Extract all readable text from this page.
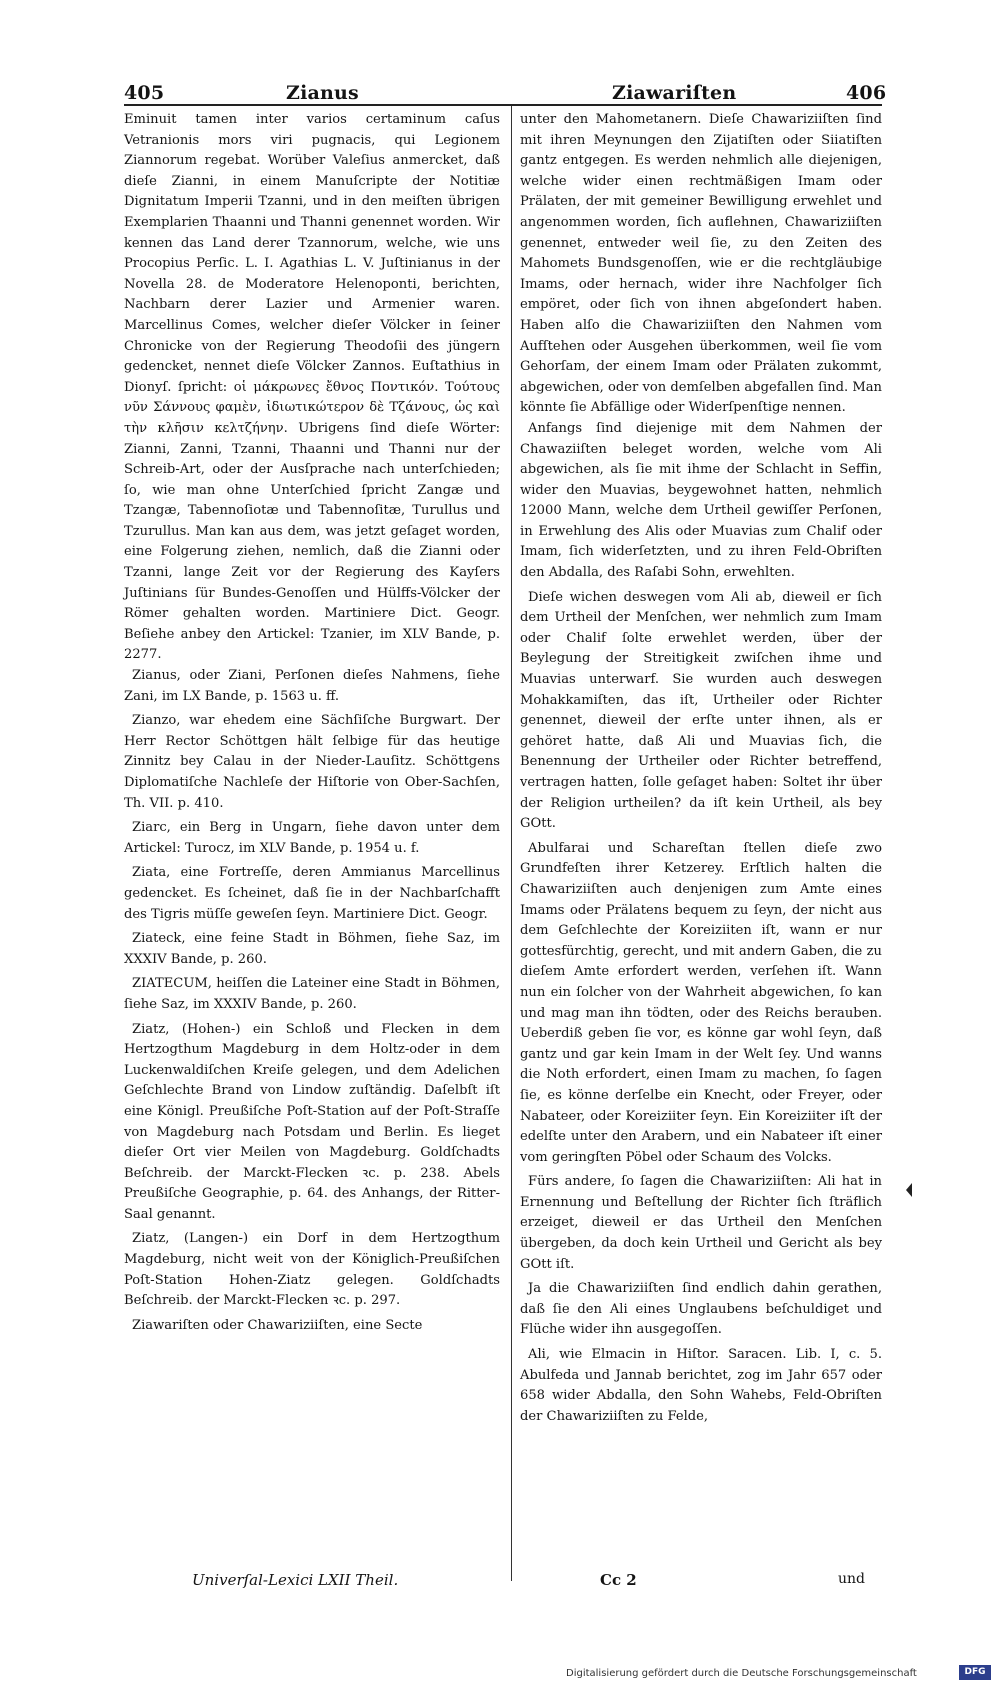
405	Zianus	Ziawariſten	406

Eminuit tamen inter varios certaminum caſus Vetranionis mors viri pugnacis, qui Legionem Ziannorum regebat. Worüber Valeſius anmercket, daß dieſe Zianni, in einem Manuſcripte der Notitiæ Dignitatum Imperii Tzanni, und in den meiſten übrigen Exemplarien Thaanni und Thanni genennet worden. Wir kennen das Land derer Tzannorum, welche, wie uns Procopius Perſic. L. I. Agathias L. V. Juſtinianus in der Novella 28. de Moderatore Helenoponti, berichten, Nachbarn derer Lazier und Armenier waren. Marcellinus Comes, welcher dieſer Völcker in ſeiner Chronicke von der Regierung Theodoſii des jüngern gedencket, nennet dieſe Völcker Zannos. Euſtathius in Dionyſ. ſpricht: οἱ μάκρωνες ἔθνος Ποντικόν. Τούτους νῦν Σάννους φαμὲν, ἰδιωτικώτερον δὲ Τζάνους, ὡς καὶ τὴν κλῆσιν κελτζήνην. Ubrigens ſind dieſe Wörter: Zianni, Zanni, Tzanni, Thaanni und Thanni nur der Schreib-Art, oder der Ausſprache nach unterſchieden; ſo, wie man ohne Unterſchied ſpricht Zangæ und Tzangæ, Tabennoſiotæ und Tabennoſitæ, Turullus und Tzurullus. Man kan aus dem, was jetzt geſaget worden, eine Folgerung ziehen, nemlich, daß die Zianni oder Tzanni, lange Zeit vor der Regierung des Kayſers Juſtinians ſür Bundes-Genoſſen und Hülffs-Völcker der Römer gehalten worden. Martiniere Dict. Geogr. Beſiehe anbey den Artickel: Tzanier, im XLV Bande, p. 2277.

Zianus, oder Ziani, Perſonen dieſes Nahmens, ſiehe Zani, im LX Bande, p. 1563 u. ff.

Zianzo, war ehedem eine Sächſiſche Burgwart. Der Herr Rector Schöttgen hält ſelbige für das heutige Zinnitz bey Calau in der Nieder-Lauſitz. Schöttgens Diplomatiſche Nachleſe der Hiſtorie von Ober-Sachſen, Th. VII. p. 410.

Ziarc, ein Berg in Ungarn, ſiehe davon unter dem Artickel: Turocz, im XLV Bande, p. 1954 u. f.

Ziata, eine Fortreſſe, deren Ammianus Marcellinus gedencket. Es ſcheinet, daß ſie in der Nachbarſchafft des Tigris müſſe geweſen ſeyn. Martiniere Dict. Geogr.

Ziateck, eine feine Stadt in Böhmen, ſiehe Saz, im XXXIV Bande, p. 260.

ZIATECUM, heiſſen die Lateiner eine Stadt in Böhmen, ſiehe Saz, im XXXIV Bande, p. 260.

Ziatz, (Hohen-) ein Schloß und Flecken in dem Hertzogthum Magdeburg in dem Holtz-oder in dem Luckenwaldiſchen Kreiſe gelegen, und dem Adelichen Geſchlechte Brand von Lindow zuſtändig. Daſelbſt iſt eine Königl. Preußiſche Poſt-Station auf der Poſt-Straſſe von Magdeburg nach Potsdam und Berlin. Es lieget dieſer Ort vier Meilen von Magdeburg. Goldſchadts Beſchreib. der Marckt-Flecken ꝛc. p. 238. Abels Preußiſche Geographie, p. 64. des Anhangs, der Ritter-Saal genannt.

Ziatz, (Langen-) ein Dorf in dem Hertzogthum Magdeburg, nicht weit von der Königlich-Preußiſchen Poſt-Station Hohen-Ziatz gelegen. Goldſchadts Beſchreib. der Marckt-Flecken ꝛc. p. 297.

Ziawariſten oder Chawariziiſten, eine Secte

unter den Mahometanern. Dieſe Chawariziiſten ſind mit ihren Meynungen den Zijatiſten oder Siiatiſten gantz entgegen. Es werden nehmlich alle diejenigen, welche wider einen rechtmäßigen Imam oder Prälaten, der mit gemeiner Bewilligung erwehlet und angenommen worden, ſich auflehnen, Chawariziiſten genennet, entweder weil ſie, zu den Zeiten des Mahomets Bundsgenoſſen, wie er die rechtgläubige Imams, oder hernach, wider ihre Nachfolger ſich empöret, oder ſich von ihnen abgeſondert haben. Haben alſo die Chawariziiſten den Nahmen vom Aufſtehen oder Ausgehen überkommen, weil ſie vom Gehorſam, der einem Imam oder Prälaten zukommt, abgewichen, oder von demſelben abgefallen ſind. Man könnte ſie Abfällige oder Widerſpenſtige nennen.

Anfangs ſind diejenige mit dem Nahmen der Chawaziiſten beleget worden, welche vom Ali abgewichen, als ſie mit ihme der Schlacht in Seffin, wider den Muavias, beygewohnet hatten, nehmlich 12000 Mann, welche dem Urtheil gewiſſer Perſonen, in Erwehlung des Alis oder Muavias zum Chalif oder Imam, ſich widerſetzten, und zu ihren Feld-Obriſten den Abdalla, des Raſabi Sohn, erwehlten.

Dieſe wichen deswegen vom Ali ab, dieweil er ſich dem Urtheil der Menſchen, wer nehmlich zum Imam oder Chalif ſolte erwehlet werden, über der Beylegung der Streitigkeit zwiſchen ihme und Muavias unterwarf. Sie wurden auch deswegen Mohakkamiſten, das iſt, Urtheiler oder Richter genennet, dieweil der erſte unter ihnen, als er gehöret hatte, daß Ali und Muavias ſich, die Benennung der Urtheiler oder Richter betreffend, vertragen hatten, ſolle geſaget haben: Soltet ihr über der Religion urtheilen? da iſt kein Urtheil, als bey GOtt.

Abulfarai und Schareſtan ſtellen dieſe zwo Grundfeſten ihrer Ketzerey. Erſtlich halten die Chawariziiſten auch denjenigen zum Amte eines Imams oder Prälatens bequem zu ſeyn, der nicht aus dem Geſchlechte der Koreiziiten iſt, wann er nur gottesfürchtig, gerecht, und mit andern Gaben, die zu dieſem Amte erfordert werden, verſehen iſt. Wann nun ein ſolcher von der Wahrheit abgewichen, ſo kan und mag man ihn tödten, oder des Reichs berauben. Ueberdiß geben ſie vor, es könne gar wohl ſeyn, daß gantz und gar kein Imam in der Welt ſey. Und wanns die Noth erfordert, einen Imam zu machen, ſo ſagen ſie, es könne derſelbe ein Knecht, oder Freyer, oder Nabateer, oder Koreiziiter ſeyn. Ein Koreiziiter iſt der edelſte unter den Arabern, und ein Nabateer iſt einer vom geringſten Pöbel oder Schaum des Volcks.

Fürs andere, ſo ſagen die Chawariziiſten: Ali hat in Ernennung und Beſtellung der Richter ſich ſträflich erzeiget, dieweil er das Urtheil den Menſchen übergeben, da doch kein Urtheil und Gericht als bey GOtt iſt.

Ja die Chawariziiſten ſind endlich dahin gerathen, daß ſie den Ali eines Unglaubens beſchuldiget und Flüche wider ihn ausgegoſſen.

Ali, wie Elmacin in Hiſtor. Saracen. Lib. I, c. 5. Abulfeda und Jannab berichtet, zog im Jahr 657 oder 658 wider Abdalla, den Sohn Wahebs, Feld-Obriſten der Chawariziiſten zu Felde,

Univerſal-Lexici LXII Theil.	Cc 2	und
Digitalisierung gefördert durch die Deutsche Forschungsgemeinschaft	DFG
